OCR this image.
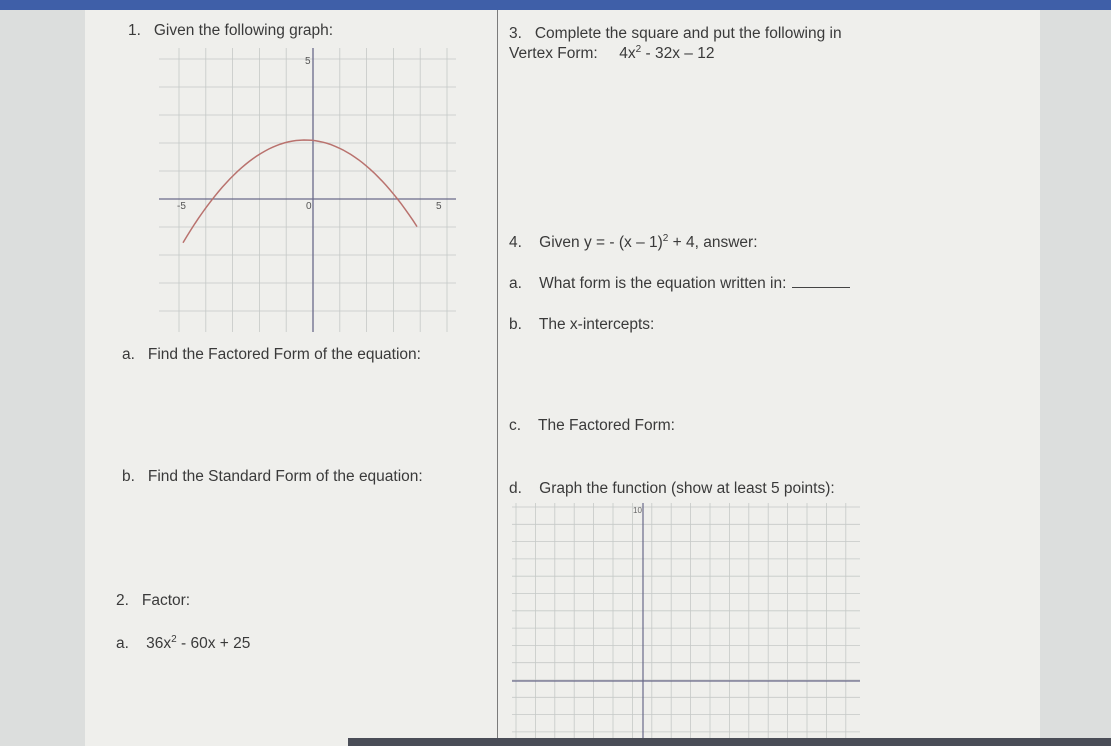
1. Given the following graph:
5
-5	0	5
a. Find the Factored Form of the equation:
b. Find the Standard Form of the equation:
2. Factor:
a. $36x^2 - 60x + 25$
3. Complete the square and put the following in
Vertex Form: $4x^2 - 32x - 12$
4. Given y = - (x – 1)$^2$ + 4, answer:
a. What form is the equation written in:
b. The x-intercepts:
c. The Factored Form:
d. Graph the function (show at least 5 points):
10
